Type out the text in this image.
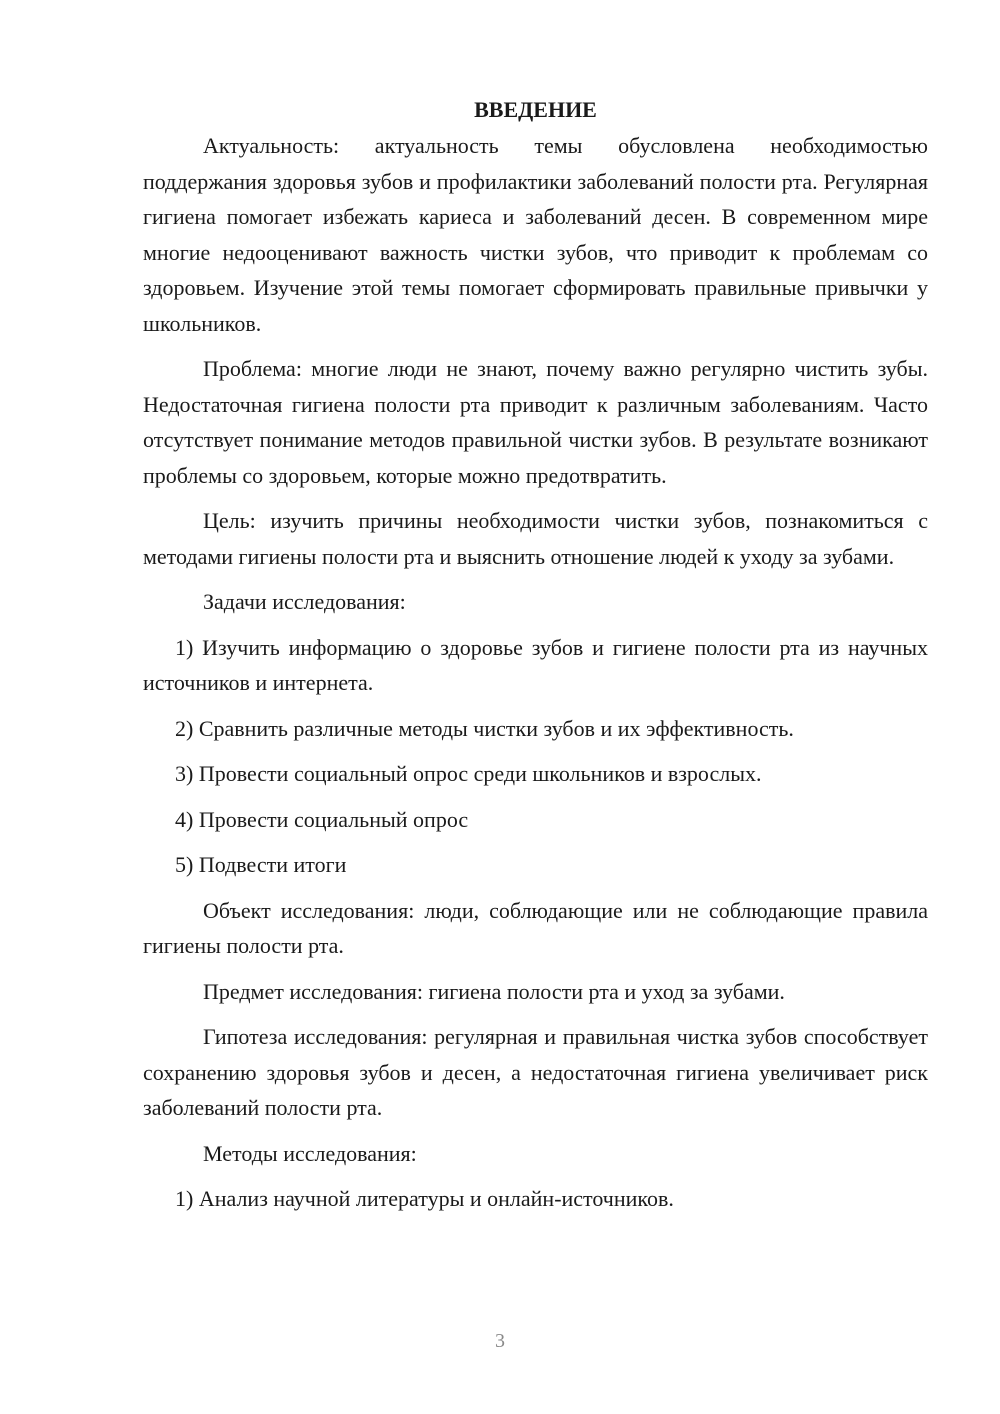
ВВЕДЕНИЕ

Актуальность: актуальность темы обусловлена необходимостью поддержания здоровья зубов и профилактики заболеваний полости рта. Регулярная гигиена помогает избежать кариеса и заболеваний десен. В современном мире многие недооценивают важность чистки зубов, что приводит к проблемам со здоровьем. Изучение этой темы помогает сформировать правильные привычки у школьников.

Проблема: многие люди не знают, почему важно регулярно чистить зубы. Недостаточная гигиена полости рта приводит к различным заболеваниям. Часто отсутствует понимание методов правильной чистки зубов. В результате возникают проблемы со здоровьем, которые можно предотвратить.

Цель: изучить причины необходимости чистки зубов, познакомиться с методами гигиены полости рта и выяснить отношение людей к уходу за зубами.

Задачи исследования:

1) Изучить информацию о здоровье зубов и гигиене полости рта из научных источников и интернета.

2) Сравнить различные методы чистки зубов и их эффективность.

3) Провести социальный опрос среди школьников и взрослых.

4) Провести социальный опрос

5) Подвести итоги

Объект исследования: люди, соблюдающие или не соблюдающие правила гигиены полости рта.

Предмет исследования: гигиена полости рта и уход за зубами.

Гипотеза исследования: регулярная и правильная чистка зубов способствует сохранению здоровья зубов и десен, а недостаточная гигиена увеличивает риск заболеваний полости рта.

Методы исследования:

1) Анализ научной литературы и онлайн-источников.

3
